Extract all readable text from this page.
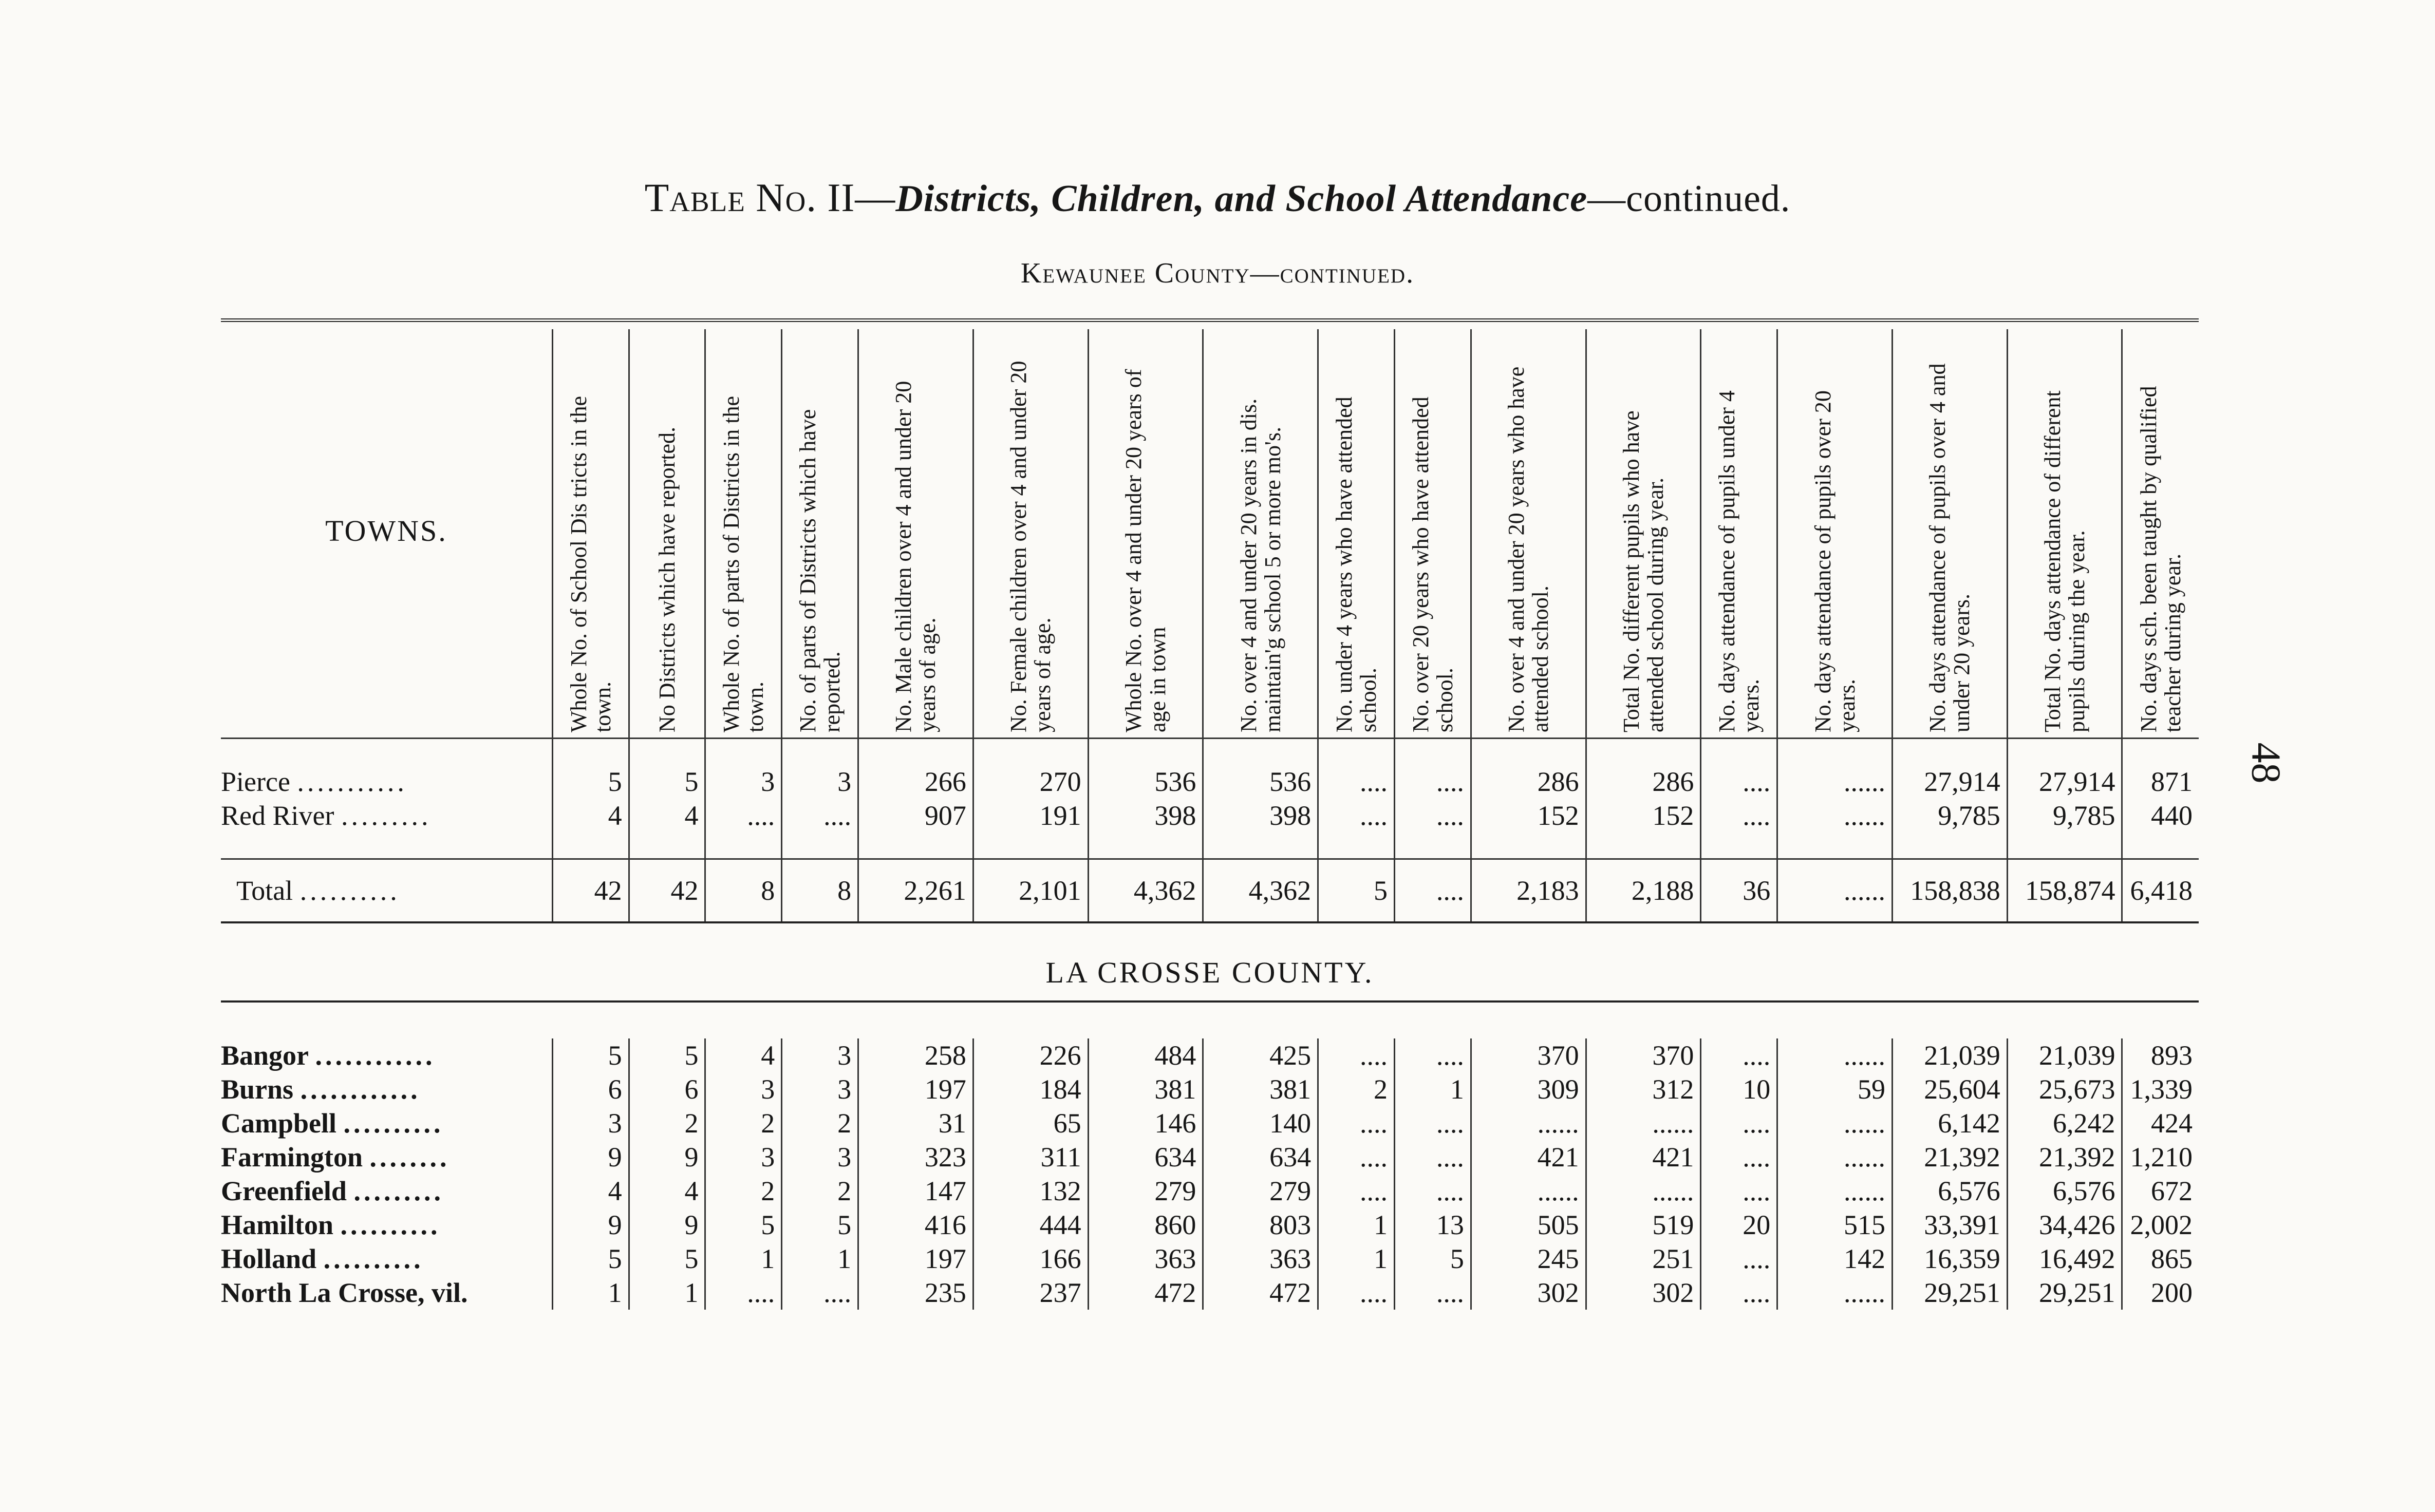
Table No. II—Districts, Children, and School Attendance—continued.
Kewaunee County—continued.
48

TOWNS.	Whole No. of School Dis tricts in the town.	No Districts which have reported.	Whole No. of parts of Districts in the town.	No. of parts of Districts which have reported.	No. Male children over 4 and under 20 years of age.	No. Female children over 4 and under 20 years of age.	Whole No. over 4 and under 20 years of age in town	No. over 4 and under 20 years in dis. maintain'g school 5 or more mo's.	No. under 4 years who have attended school.	No. over 20 years who have attended school.	No. over 4 and under 20 years who have attended school.	Total No. different pupils who have attended school during year.	No. days attendance of pupils under 4 years.	No. days attendance of pupils over 20 years.	No. days attendance of pupils over 4 and under 20 years.	Total No. days attendance of different pupils during the year.	No. days sch. been taught by qualified teacher during year.

Pierce ...........	5	5	3	3	266	270	536	536	....	....	286	286	....	......	27,914	27,914	871
Red River .........	4	4	....	....	907	191	398	398	....	....	152	152	....	......	9,785	9,785	440

Total ..........	42	42	8	8	2,261	2,101	4,362	4,362	5	....	2,183	2,188	36	......	158,838	158,874	6,418

LA CROSSE COUNTY.																	

Bangor ............	5	5	4	3	258	226	484	425	....	....	370	370	....	......	21,039	21,039	893
Burns ............	6	6	3	3	197	184	381	381	2	1	309	312	10	59	25,604	25,673	1,339
Campbell ..........	3	2	2	2	31	65	146	140	....	....	......	......	....	......	6,142	6,242	424
Farmington ........	9	9	3	3	323	311	634	634	....	....	421	421	....	......	21,392	21,392	1,210
Greenfield .........	4	4	2	2	147	132	279	279	....	....	......	......	....	......	6,576	6,576	672
Hamilton ..........	9	9	5	5	416	444	860	803	1	13	505	519	20	515	33,391	34,426	2,002
Holland ..........	5	5	1	1	197	166	363	363	1	5	245	251	....	142	16,359	16,492	865
North La Crosse, vil.	1	1	....	....	235	237	472	472	....	....	302	302	....	......	29,251	29,251	200
